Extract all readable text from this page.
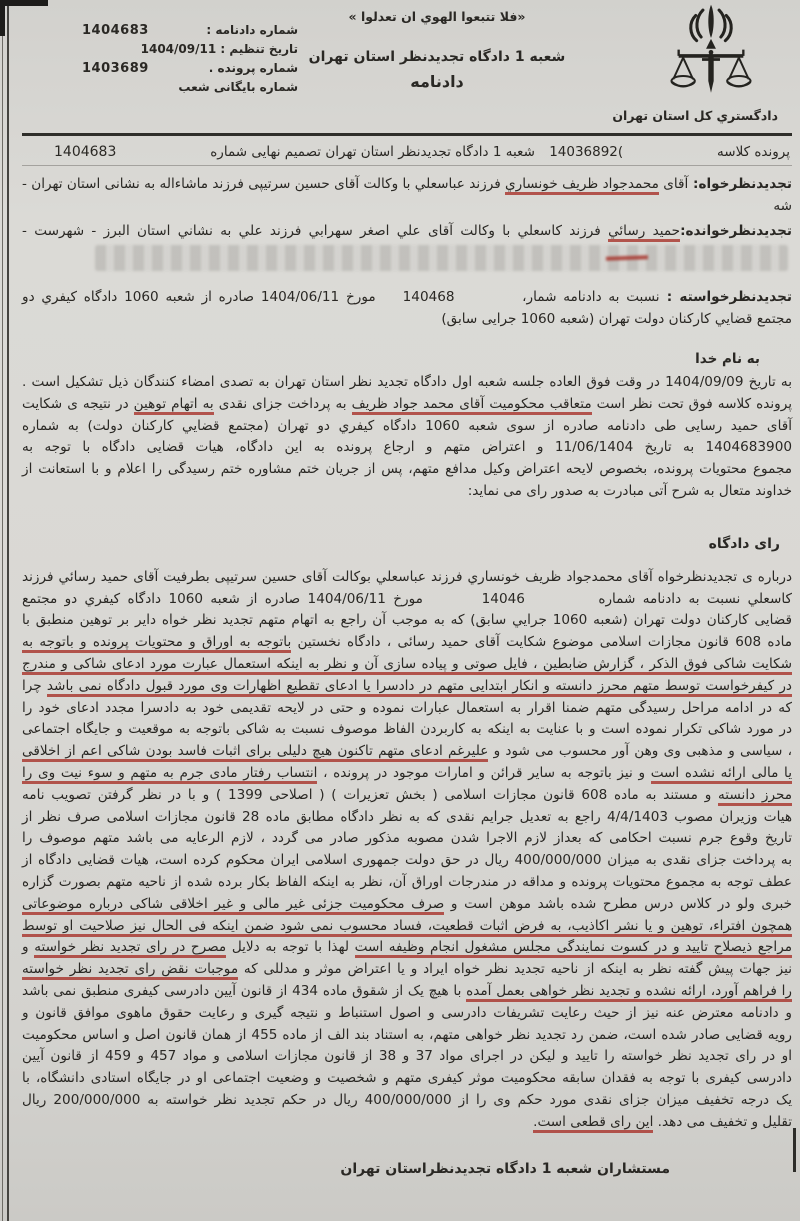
شماره دادنامه :
1404683
تاریخ تنظیم : 1404/09/11
شماره پرونده .
1403689
شماره بایگانی شعب
«فلا تتبعوا الهوي ان تعدلوا »
شعبه 1 دادگاه تجدیدنظر استان تهران
دادنامه
دادگستري كل استان تهران
پرونده کلاسه
14036892( شعبه 1 دادگاه تجدیدنظر استان تهران تصمیم نهایی شماره
1404683
تجدیدنظرخواه: آقای محمدجواد ظریف خونساري فرزند عباسعلي با وکالت آقای حسین سرتیپی فرزند ماشاءاله به نشانی استان تهران -
شه
تجدیدنظرخوانده:حمید رسائي فرزند کاسعلي با وکالت آقای علي اصغر سهرابي فرزند علي به نشاني استان البرز - شهرست -
تجدیدنظرخواسته : نسبت به دادنامه شمار،          140468    مورخ 1404/06/11 صادره از شعبه 1060 دادگاه کیفري دو
مجتمع قضایي کارکنان دولت تهران (شعبه 1060 جرایی سابق)
به نام خدا
به تاریخ 1404/09/09 در وقت فوق العاده جلسه شعبه اول دادگاه تجدید نظر استان تهران به تصدی امضاء کنندگان ذیل تشکیل است .
پرونده کلاسه فوق تحت نظر است متعاقب محکومیت آقای محمد جواد ظریف به پرداخت جزای نقدی به اتهام توهین در نتیجه ی شکایت
آقای حمید رسایی طی دادنامه صادره از سوی شعبه 1060 دادگاه کیفري دو تهران (مجتمع قضایي کارکنان دولت) به شماره
1404683900 به تاریخ 11/06/1404 و اعتراض متهم و ارجاع پرونده به این دادگاه، هیات قضایی دادگاه با توجه به
مجموع محتویات پرونده، بخصوص لایحه اعتراض وکیل مدافع متهم، پس از جریان ختم مشاوره ختم رسیدگی را اعلام و با استعانت از
خداوند متعال به شرح آتی مبادرت به صدور رای می نماید:
رای دادگاه
درباره ی تجدیدنظرخواه آقای محمدجواد ظریف خونساري فرزند عباسعلي بوکالت آقای حسین سرتیپی بطرفیت آقای حمید رسائي فرزند
کاسعلي نسبت به دادنامه شماره          14046        مورخ 1404/06/11 صادره از شعبه 1060 دادگاه کیفري دو مجتمع
قضایی کارکنان دولت تهران (شعبه 1060 جرایي سابق) که به موجب آن راجع به اتهام متهم تجدید نظر خواه دایر بر توهین منطبق با
ماده 608 قانون مجازات اسلامی موضوع شکایت آقای حمید رسائی ، دادگاه نخستین باتوجه به اوراق و محتویات پرونده و باتوجه به
شکایت شاکی فوق الذکر ، گزارش ضابطین ، فایل صوتی و پیاده سازی آن و نظر به اینکه استعمال عبارت مورد ادعای شاکی و مندرج
در کیفرخواست توسط متهم محرز دانسته و انکار ابتدایی متهم در دادسرا یا ادعای تقطیع اظهارات وی مورد قبول دادگاه نمی باشد چرا
که در ادامه مراحل رسیدگی متهم ضمنا اقرار به استعمال عبارات نموده و حتی در لایحه تقدیمی خود به دادسرا مجدد ادعای خود را
در مورد شاکی تکرار نموده است و با عنایت به اینکه به کاربردن الفاظ موصوف نسبت به شاکی باتوجه به موقعیت و جایگاه اجتماعی
، سیاسی و مذهبی وی وهن آور محسوب می شود و علیرغم ادعای متهم تاکنون هیچ دلیلی برای اثبات فاسد بودن شاکی اعم از اخلاقی
یا مالی ارائه نشده است و نیز باتوجه به سایر قرائن و امارات موجود در پرونده ، انتساب رفتار مادی جرم به متهم و سوء نیت وی را
محرز دانسته و مستند به ماده 608 قانون مجازات اسلامی ( بخش تعزیرات ) ( اصلاحی 1399 ) و با در نظر گرفتن تصویب نامه
هیات وزیران مصوب 4/4/1403 راجع به تعدیل جرایم نقدی که به نظر دادگاه مطابق ماده 28 قانون مجازات اسلامی صرف نظر از
تاریخ وقوع جرم نسبت احکامی که بعداز لازم الاجرا شدن مصوبه مذکور صادر می گردد ، لازم الرعایه می باشد متهم موصوف را
به پرداخت جزای نقدی به میزان 400/000/000 ریال در حق دولت جمهوری اسلامی ایران محکوم کرده است، هیات قضایی دادگاه از
عطف توجه به مجموع محتویات پرونده و مداقه در مندرجات اوراق آن، نظر به اینکه الفاظ بکار برده شده از ناحیه متهم بصورت گزاره
خبری ولو در کلاس درس مطرح شده باشد موهن است و صرف محکومیت جزئی غیر مالی و غیر اخلاقی شاکی درباره موضوعاتی
همچون افتراء، توهین و یا نشر اکاذیب، به فرض اثبات قطعیت، فساد محسوب نمی شود ضمن اینکه فی الحال نیز صلاحیت او توسط
مراجع ذیصلاح تایید و در کسوت نمایندگی مجلس مشغول انجام وظیفه است لهذا با توجه به دلایل مصرح در رای تجدید نظر خواسته و
نیز جهات پیش گفته نظر به اینکه از ناحیه تجدید نظر خواه ایراد و یا اعتراض موثر و مدللی که موجبات نقض رای تجدید نظر خواسته
را فراهم آورد، ارائه نشده و تجدید نظر خواهی بعمل آمده با هیچ یک از شقوق ماده 434 از قانون آیین دادرسی کیفری منطبق نمی باشد
و دادنامه معترض عنه نیز از حیث رعایت تشریفات دادرسی و اصول استنباط و نتیجه گیری و رعایت حقوق ماهوی موافق قانون و
رویه قضایی صادر شده است، ضمن رد تجدید نظر خواهی متهم، به استناد بند الف از ماده 455 از همان قانون اصل و اساس محکومیت
او در رای تجدید نظر خواسته را تایید و لیکن در اجرای مواد 37 و 38 از قانون مجازات اسلامی و مواد 457 و 459 از قانون آیین
دادرسی کیفری با توجه به فقدان سابقه محکومیت موثر کیفری متهم و شخصیت و وضعیت اجتماعی او در جایگاه استادی دانشگاه، با
یک درجه تخفیف میزان جزای نقدی مورد حکم وی را از 400/000/000 ریال در حکم تجدید نظر خواسته به 200/000/000 ریال
تقلیل و تخفیف می دهد. این رای قطعی است.
مستشاران شعبه 1 دادگاه تجدیدنظراستان تهران
